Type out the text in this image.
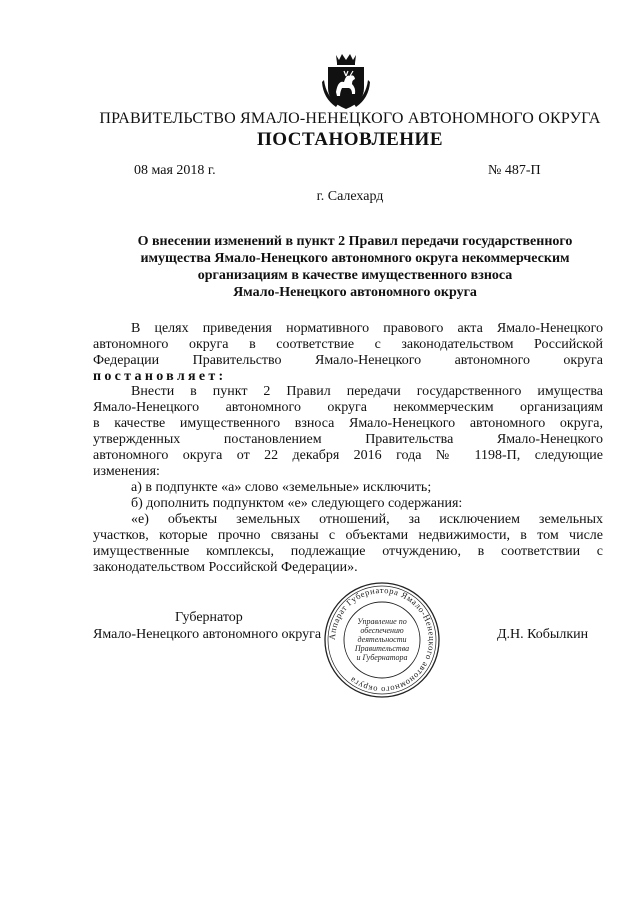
ПРАВИТЕЛЬСТВО ЯМАЛО-НЕНЕЦКОГО АВТОНОМНОГО ОКРУГА
ПОСТАНОВЛЕНИЕ
08 мая 2018 г.	№ 487-П
г. Салехард
О внесении изменений в пункт 2 Правил передачи государственного
имущества Ямало-Ненецкого автономного округа некоммерческим
организациям в качестве имущественного взноса
Ямало-Ненецкого автономного округа
В целях приведения нормативного правового акта Ямало-Ненецкого
автономного округа в соответствие с законодательством Российской
Федерации Правительство Ямало-Ненецкого автономного округа
постановляет:
Внести в пункт 2 Правил передачи государственного имущества
Ямало-Ненецкого автономного округа некоммерческим организациям
в качестве имущественного взноса Ямало-Ненецкого автономного округа,
утвержденных постановлением Правительства Ямало-Ненецкого
автономного округа от 22 декабря 2016 года № 1198-П, следующие
изменения:
а) в подпункте «а» слово «земельные» исключить;
б) дополнить подпунктом «е» следующего содержания:
«е) объекты земельных отношений, за исключением земельных
участков, которые прочно связаны с объектами недвижимости, в том числе
имущественные комплексы, подлежащие отчуждению, в соответствии с
законодательством Российской Федерации».
Губернатор
Ямало-Ненецкого автономного округа	Д.Н. Кобылкин
Аппарат Губернатора Ямало-Ненецкого автономного округа
Управление по
обеспечению
деятельности
Правительства
и Губернатора
